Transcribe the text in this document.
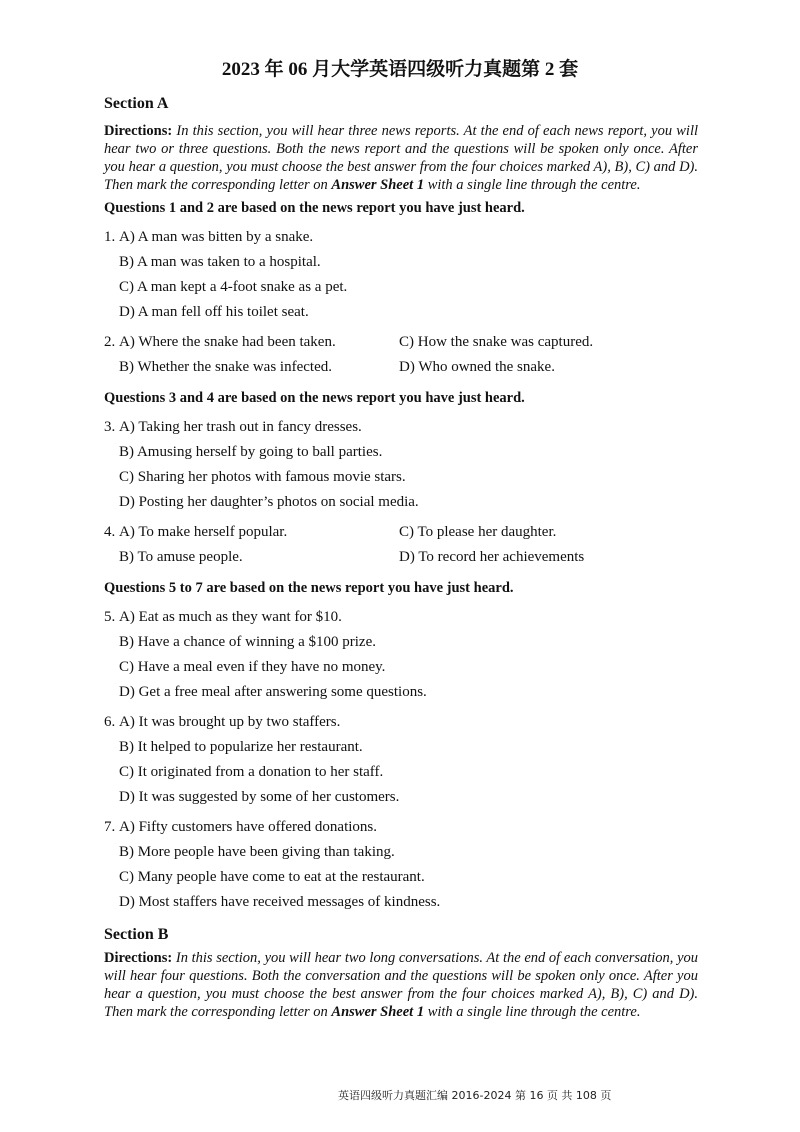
2023 年 06 月大学英语四级听力真题第 2 套
Section A
Directions: In this section, you will hear three news reports. At the end of each news report, you will hear two or three questions. Both the news report and the questions will be spoken only once. After you hear a question, you must choose the best answer from the four choices marked A), B), C) and D). Then mark the corresponding letter on Answer Sheet 1 with a single line through the centre.
Questions 1 and 2 are based on the news report you have just heard.
1. A) A man was bitten by a snake.
B) A man was taken to a hospital.
C) A man kept a 4-foot snake as a pet.
D) A man fell off his toilet seat.
2. A) Where the snake had been taken.	C) How the snake was captured.
B) Whether the snake was infected.	D) Who owned the snake.
Questions 3 and 4 are based on the news report you have just heard.
3. A) Taking her trash out in fancy dresses.
B) Amusing herself by going to ball parties.
C) Sharing her photos with famous movie stars.
D) Posting her daughter’s photos on social media.
4. A) To make herself popular.	C) To please her daughter.
B) To amuse people.	D) To record her achievements
Questions 5 to 7 are based on the news report you have just heard.
5. A) Eat as much as they want for $10.
B) Have a chance of winning a $100 prize.
C) Have a meal even if they have no money.
D) Get a free meal after answering some questions.
6. A) It was brought up by two staffers.
B) It helped to popularize her restaurant.
C) It originated from a donation to her staff.
D) It was suggested by some of her customers.
7. A) Fifty customers have offered donations.
B) More people have been giving than taking.
C) Many people have come to eat at the restaurant.
D) Most staffers have received messages of kindness.
Section B
Directions: In this section, you will hear two long conversations. At the end of each conversation, you will hear four questions. Both the conversation and the questions will be spoken only once. After you hear a question, you must choose the best answer from the four choices marked A), B), C) and D). Then mark the corresponding letter on Answer Sheet 1 with a single line through the centre.
英语四级听力真题汇编 2016-2024 第 16 页 共 108 页
